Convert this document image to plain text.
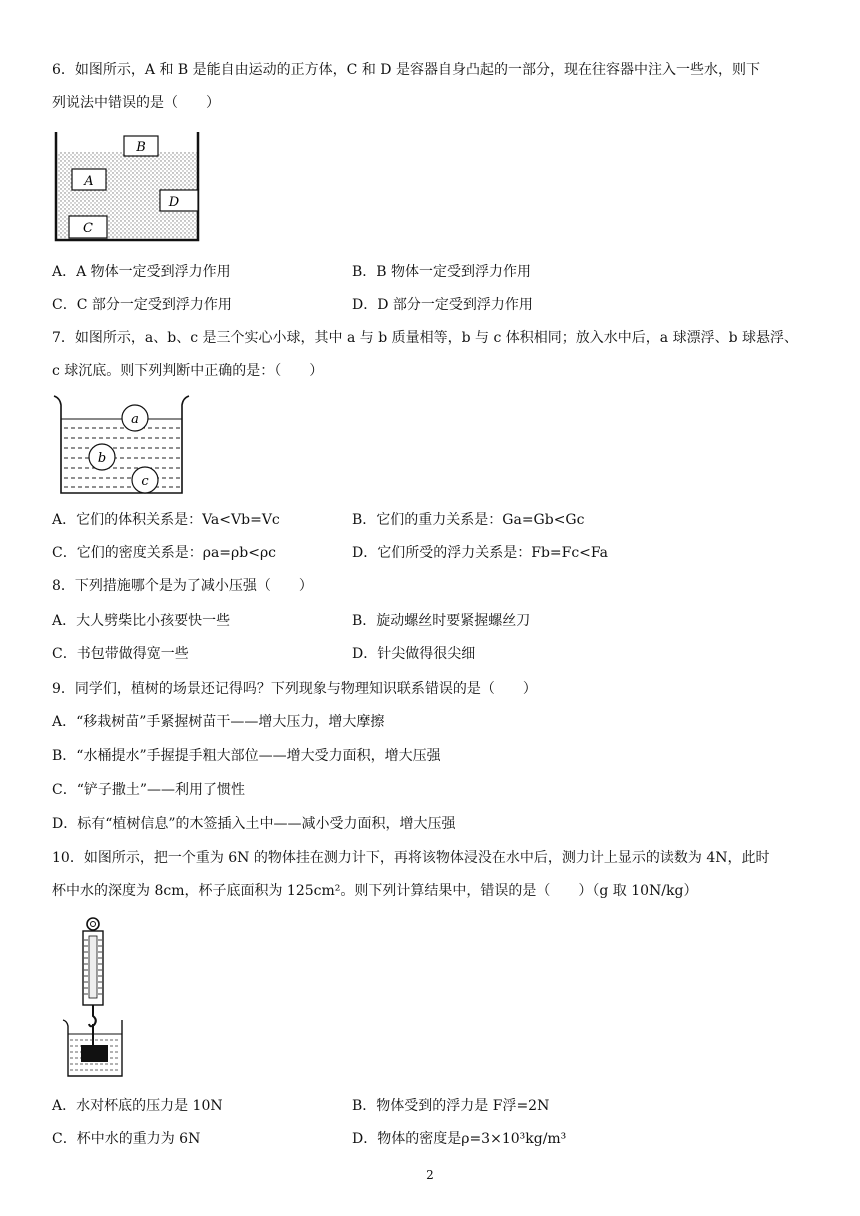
6．如图所示，A 和 B 是能自由运动的正方体，C 和 D 是容器自身凸起的一部分，现在往容器中注入一些水，则下
列说法中错误的是（　　）
B
A
D
C
A．A 物体一定受到浮力作用	B．B 物体一定受到浮力作用
C．C 部分一定受到浮力作用	D．D 部分一定受到浮力作用
7．如图所示，a、b、c 是三个实心小球，其中 a 与 b 质量相等，b 与 c 体积相同；放入水中后，a 球漂浮、b 球悬浮、
c 球沉底。则下列判断中正确的是：（　　）
a
b
c
A．它们的体积关系是：Va<Vb=Vc	B．它们的重力关系是：Ga=Gb<Gc
C．它们的密度关系是：ρa=ρb<ρc	D．它们所受的浮力关系是：Fb=Fc<Fa
8．下列措施哪个是为了减小压强（　　）
A．大人劈柴比小孩要快一些	B．旋动螺丝时要紧握螺丝刀
C．书包带做得宽一些	D．针尖做得很尖细
9．同学们，植树的场景还记得吗？下列现象与物理知识联系错误的是（　　）
A．“移栽树苗”手紧握树苗干——增大压力，增大摩擦
B．“水桶提水”手握提手粗大部位——增大受力面积，增大压强
C．“铲子撒土”——利用了惯性
D．标有“植树信息”的木签插入土中——减小受力面积，增大压强
10．如图所示，把一个重为 6N 的物体挂在测力计下，再将该物体浸没在水中后，测力计上显示的读数为 4N，此时
杯中水的深度为 8cm，杯子底面积为 125cm²。则下列计算结果中，错误的是（　　）（g 取 10N/kg）
A．水对杯底的压力是 10N	B．物体受到的浮力是 F浮=2N
C．杯中水的重力为 6N	D．物体的密度是ρ=3×10³kg/m³
2
